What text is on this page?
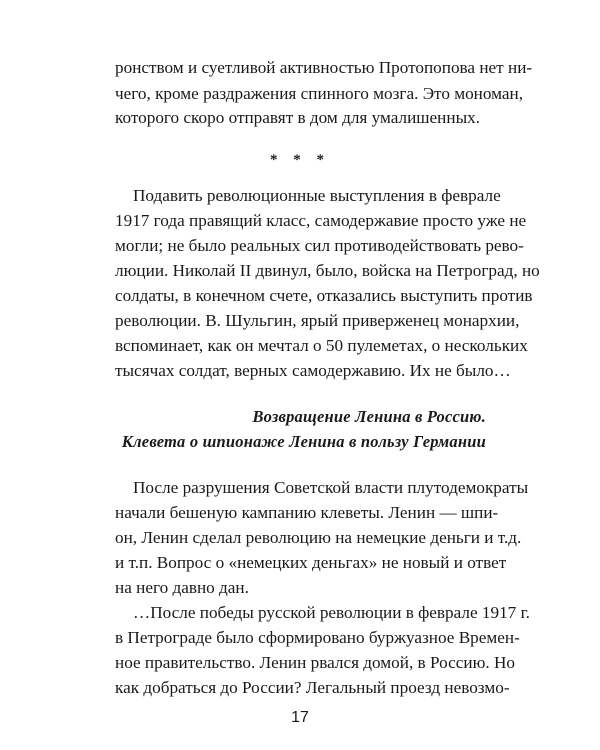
ронством и суетливой активностью Протопопова нет ни-
чего, кроме раздражения спинного мозга. Это мономан,
которого скоро отправят в дом для умалишенных.
* * *
Подавить революционные выступления в феврале
1917 года правящий класс, самодержавие просто уже не
могли; не было реальных сил противодействовать рево-
люции. Николай II двинул, было, войска на Петроград, но
солдаты, в конечном счете, отказались выступить против
революции. В. Шульгин, ярый приверженец монархии,
вспоминает, как он мечтал о 50 пулеметах, о нескольких
тысячах солдат, верных самодержавию. Их не было…
Возвращение Ленина в Россию.
Клевета о шпионаже Ленина в пользу Германии
После разрушения Советской власти плутодемократы
начали бешеную кампанию клеветы. Ленин — шпи-
он, Ленин сделал революцию на немецкие деньги и т.д.
и т.п. Вопрос о «немецких деньгах» не новый и ответ
на него давно дан.
…После победы русской революции в феврале 1917 г.
в Петрограде было сформировано буржуазное Времен-
ное правительство. Ленин рвался домой, в Россию. Но
как добраться до России? Легальный проезд невозмо-
17
